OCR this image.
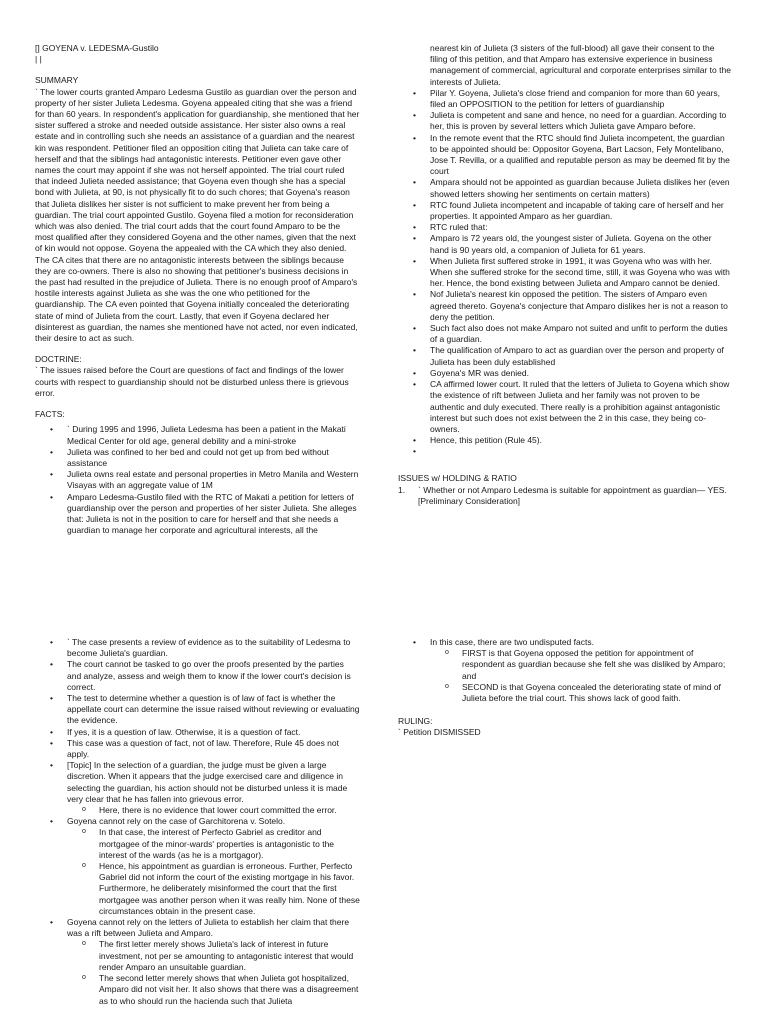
[] GOYENA v. LEDESMA-Gustilo

| |

SUMMARY

` The lower courts granted Amparo Ledesma Gustilo as guardian over the person and property of her sister Julieta Ledesma. Goyena appealed citing that she was a friend for than 60 years. In respondent's application for guardianship, she mentioned that her sister suffered a stroke and needed outside assistance. Her sister also owns a real estate and in controlling such she needs an assistance of a guardian and the nearest kin was respondent. Petitioner filed an opposition citing that Julieta can take care of herself and that the siblings had antagonistic interests. Petitioner even gave other names the court may appoint if she was not herself appointed. The trial court ruled that indeed Julieta needed assistance; that Goyena even though she has a special bond with Julieta, at 90, is not physically fit to do such chores; that Goyena's reason that Julieta dislikes her sister is not sufficient to make prevent her from being a guardian. The trial court appointed Gustilo. Goyena filed a motion for reconsideration which was also denied. The trial court adds that the court found Amparo to be the most qualified after they considered Goyena and the other names, given that the next of kin would not oppose. Goyena the appealed with the CA which they also denied. The CA cites that there are no antagonistic interests between the siblings because they are co-owners. There is also no showing that petitioner's business decisions in the past had resulted in the prejudice of Julieta. There is no enough proof of Amparo's hostile interests against Julieta as she was the one who petitioned for the guardianship. The CA even pointed that Goyena initially concealed the deteriorating state of mind of Julieta from the court. Lastly, that even if Goyena declared her disinterest as guardian, the names she mentioned have not acted, nor even indicated, their desire to act as such.

DOCTRINE:

` The issues raised before the Court are questions of fact and findings of the lower courts with respect to guardianship should not be disturbed unless there is grievous error.

FACTS:

• ` During 1995 and 1996, Julieta Ledesma has been a patient in the Makati Medical Center for old age, general debility and a mini-stroke
• Julieta was confined to her bed and could not get up from bed without assistance
• Julieta owns real estate and personal properties in Metro Manila and Western Visayas with an aggregate value of 1M
• Amparo Ledesma-Gustilo filed with the RTC of Makati a petition for letters of guardianship over the person and properties of her sister Julieta. She alleges that: Julieta is not in the position to care for herself and that she needs a guardian to manage her corporate and agricultural interests, all the

nearest kin of Julieta (3 sisters of the full-blood) all gave their consent to the filing of this petition, and that Amparo has extensive experience in business management of commercial, agricultural and corporate enterprises similar to the interests of Julieta.

• Pilar Y. Goyena, Julieta's close friend and companion for more than 60 years, filed an OPPOSITION to the petition for letters of guardianship
• Julieta is competent and sane and hence, no need for a guardian. According to her, this is proven by several letters which Julieta gave Amparo before.
• In the remote event that the RTC should find Julieta incompetent, the guardian to be appointed should be: Oppositor Goyena, Bart Lacson, Fely Montelibano, Jose T. Revilla, or a qualified and reputable person as may be deemed fit by the court
• Ampara should not be appointed as guardian because Julieta dislikes her (even showed letters showing her sentiments on certain matters)
• RTC found Julieta incompetent and incapable of taking care of herself and her properties. It appointed Amparo as her guardian.
• RTC ruled that:
• Amparo is 72 years old, the youngest sister of Julieta. Goyena on the other hand is 90 years old, a companion of Julieta for 61 years.
• When Julieta first suffered stroke in 1991, it was Goyena who was with her. When she suffered stroke for the second time, still, it was Goyena who was with her. Hence, the bond existing between Julieta and Amparo cannot be denied.
• Nof Julieta's nearest kin opposed the petition. The sisters of Amparo even agreed thereto. Goyena's conjecture that Amparo dislikes her is not a reason to deny the petition.
• Such fact also does not make Amparo not suited and unfit to perform the duties of a guardian.
• The qualification of Amparo to act as guardian over the person and property of Julieta has been duly established
• Goyena's MR was denied.
• CA affirmed lower court. It ruled that the letters of Julieta to Goyena which show the existence of rift between Julieta and her family was not proven to be authentic and duly executed. There really is a prohibition against antagonistic interest but such does not exist between the 2 in this case, they being co-owners.
• Hence, this petition (Rule 45).
•

ISSUES w/ HOLDING & RATIO

1. ` Whether or not Amparo Ledesma is suitable for appointment as guardian— YES. [Preliminary Consideration]
• ` The case presents a review of evidence as to the suitability of Ledesma to become Julieta's guardian.
• The court cannot be tasked to go over the proofs presented by the parties and analyze, assess and weigh them to know if the lower court's decision is correct.
• The test to determine whether a question is of law of fact is whether the appellate court can determine the issue raised without reviewing or evaluating the evidence.
• If yes, it is a question of law. Otherwise, it is a question of fact.
• This case was a question of fact, not of law. Therefore, Rule 45 does not apply.
• [Topic] In the selection of a guardian, the judge must be given a large discretion. When it appears that the judge exercised care and diligence in selecting the guardian, his action should not be disturbed unless it is made very clear that he has fallen into grievous error.
o Here, there is no evidence that lower court committed the error.
• Goyena cannot rely on the case of Garchitorena v. Sotelo.
o In that case, the interest of Perfecto Gabriel as creditor and mortgagee of the minor-wards' properties is antagonistic to the interest of the wards (as he is a mortgagor).
o Hence, his appointment as guardian is erroneous. Further, Perfecto Gabriel did not inform the court of the existing mortgage in his favor. Furthermore, he deliberately misinformed the court that the first mortgagee was another person when it was really him. None of these circumstances obtain in the present case.
• Goyena cannot rely on the letters of Julieta to establish her claim that there was a rift between Julieta and Amparo.
o The first letter merely shows Julieta's lack of interest in future investment, not per se amounting to antagonistic interest that would render Amparo an unsuitable guardian.
o The second letter merely shows that when Julieta got hospitalized, Amparo did not visit her. It also shows that there was a disagreement as to who should run the hacienda such that Julieta
• In this case, there are two undisputed facts.
o FIRST is that Goyena opposed the petition for appointment of respondent as guardian because she felt she was disliked by Amparo; and
o SECOND is that Goyena concealed the deteriorating state of mind of Julieta before the trial court. This shows lack of good faith.

RULING:

` Petition DISMISSED
